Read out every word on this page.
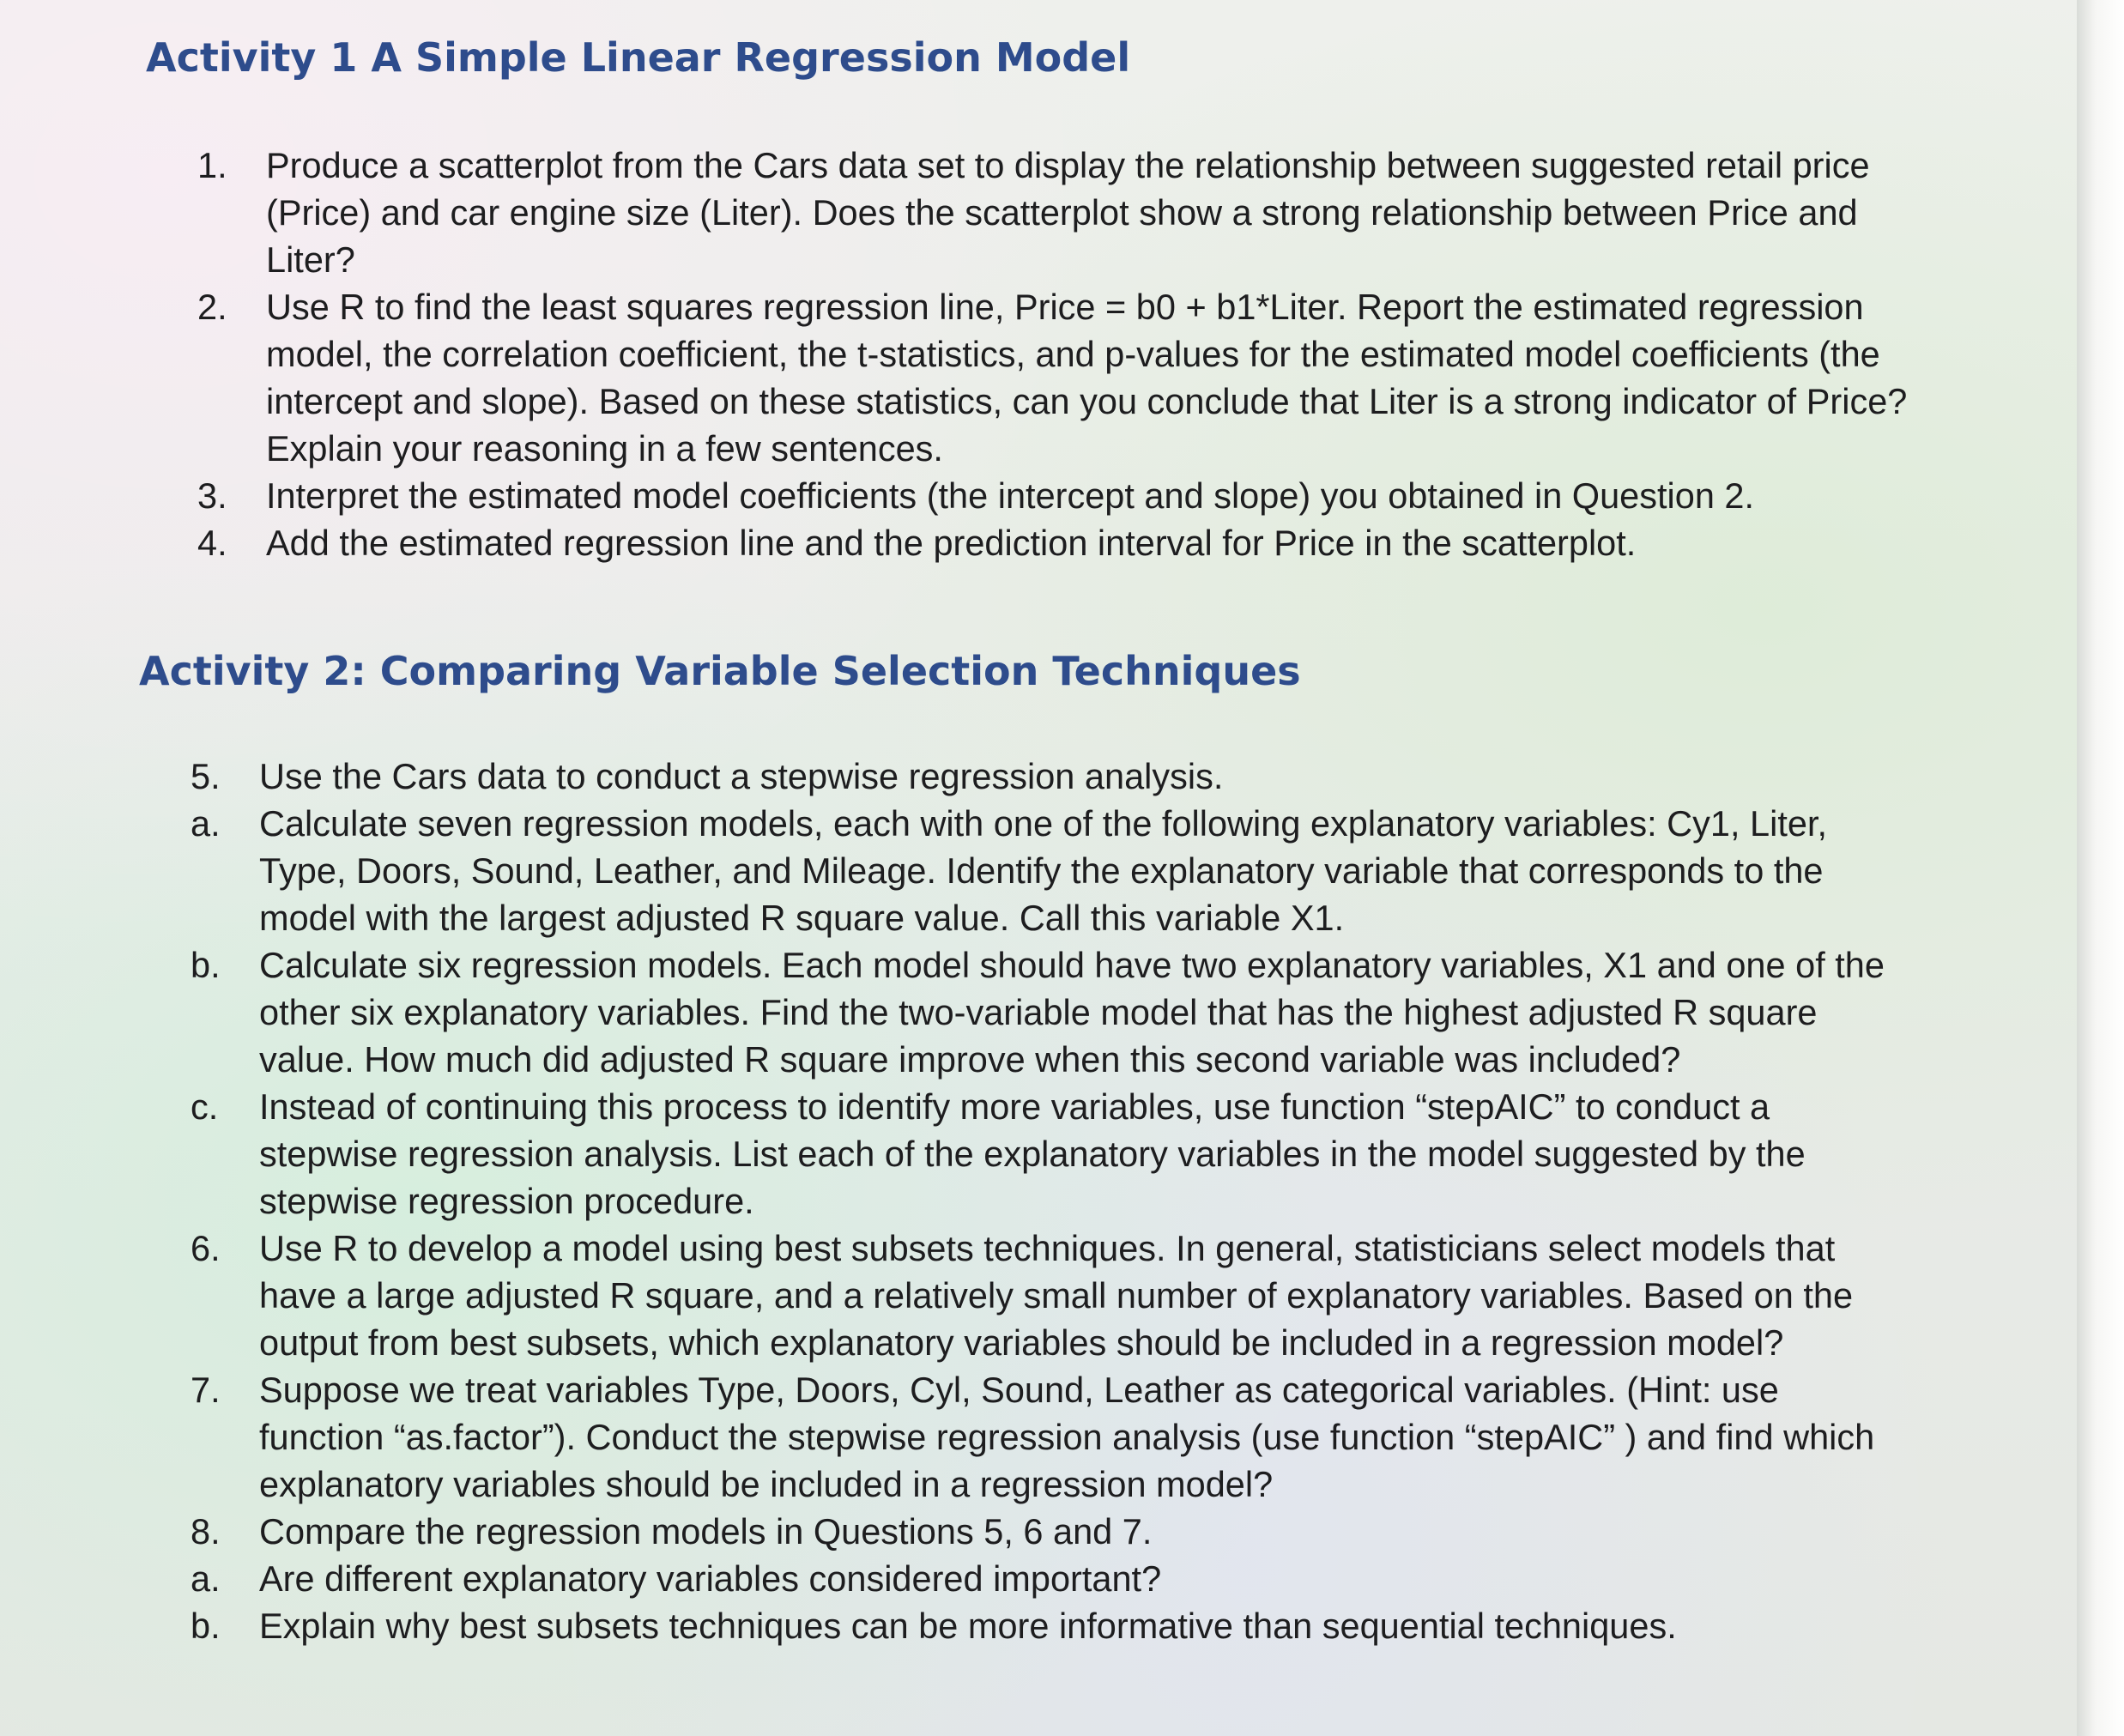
Activity 1 A Simple Linear Regression Model
1.	Produce a scatterplot from the Cars data set to display the relationship between suggested retail price (Price) and car engine size (Liter). Does the scatterplot show a strong relationship between Price and Liter?
2.	Use R to find the least squares regression line, Price = b0 + b1*Liter. Report the estimated regression model, the correlation coefficient, the t-statistics, and p-values for the estimated model coefficients (the intercept and slope). Based on these statistics, can you conclude that Liter is a strong indicator of Price? Explain your reasoning in a few sentences.
3.	Interpret the estimated model coefficients (the intercept and slope) you obtained in Question 2.
4.	Add the estimated regression line and the prediction interval for Price in the scatterplot.
Activity 2: Comparing Variable Selection Techniques
5.	Use the Cars data to conduct a stepwise regression analysis.
a.	Calculate seven regression models, each with one of the following explanatory variables: Cy1, Liter, Type, Doors, Sound, Leather, and Mileage. Identify the explanatory variable that corresponds to the model with the largest adjusted R square value. Call this variable X1.
b.	Calculate six regression models. Each model should have two explanatory variables, X1 and one of the other six explanatory variables. Find the two-variable model that has the highest adjusted R square value. How much did adjusted R square improve when this second variable was included?
c.	Instead of continuing this process to identify more variables, use function “stepAIC” to conduct a stepwise regression analysis. List each of the explanatory variables in the model suggested by the stepwise regression procedure.
6.	Use R to develop a model using best subsets techniques. In general, statisticians select models that have a large adjusted R square, and a relatively small number of explanatory variables. Based on the output from best subsets, which explanatory variables should be included in a regression model?
7.	Suppose we treat variables Type, Doors, Cyl, Sound, Leather as categorical variables. (Hint: use function “as.factor”). Conduct the stepwise regression analysis (use function “stepAIC” ) and find which explanatory variables should be included in a regression model?
8.	Compare the regression models in Questions 5, 6 and 7.
a.	Are different explanatory variables considered important?
b.	Explain why best subsets techniques can be more informative than sequential techniques.
